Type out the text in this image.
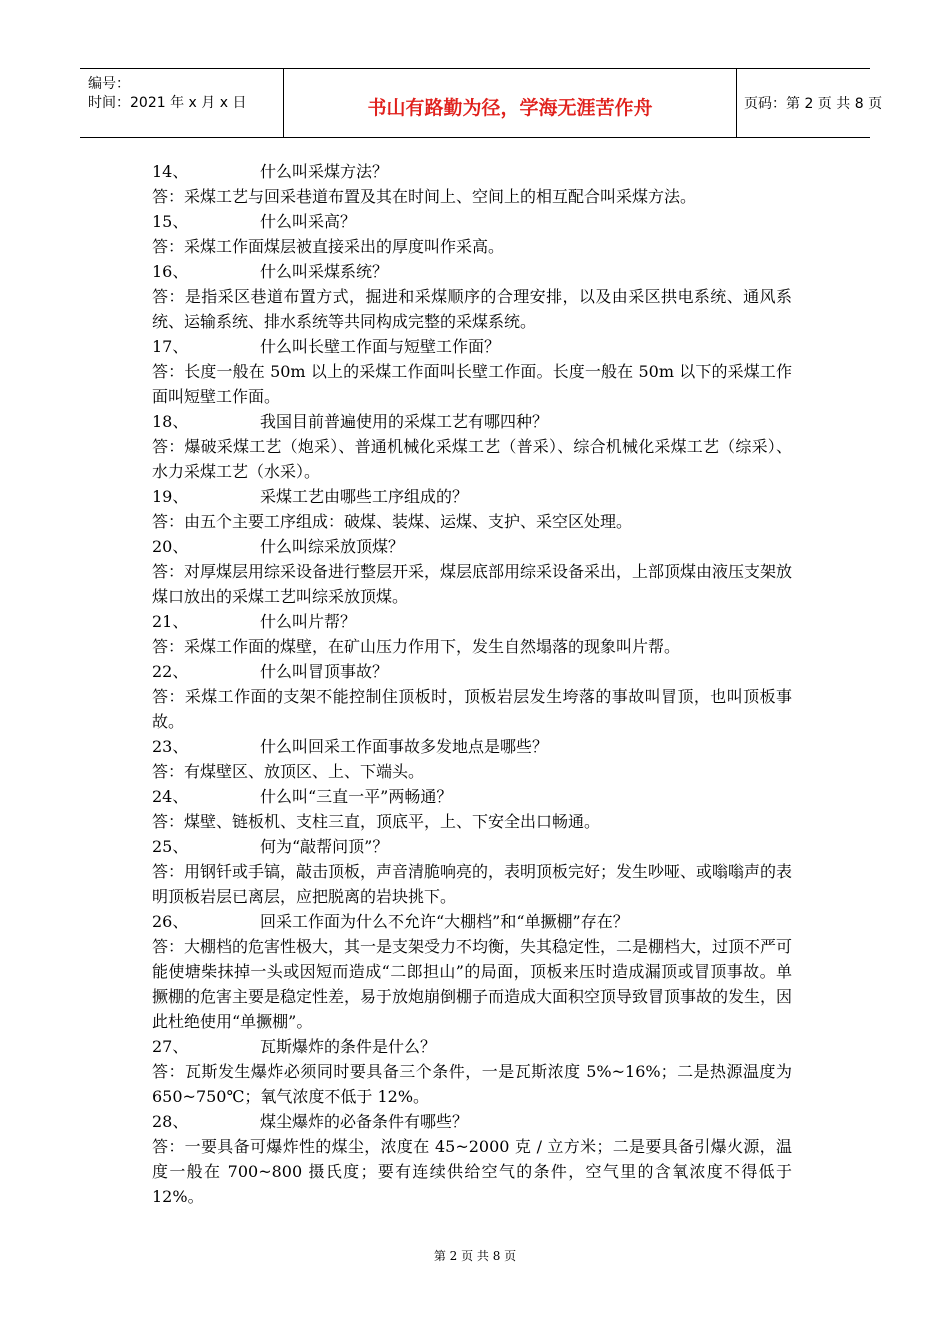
编号：
时间：2021 年 x 月 x 日	书山有路勤为径，学海无涯苦作舟	页码：第 2 页 共 8 页
14、	什么叫采煤方法？
答：采煤工艺与回采巷道布置及其在时间上、空间上的相互配合叫采煤方法。
15、	什么叫采高？
答：采煤工作面煤层被直接采出的厚度叫作采高。
16、	什么叫采煤系统？
答：是指采区巷道布置方式，掘进和采煤顺序的合理安排，以及由采区拱电系统、通风系统、运输系统、排水系统等共同构成完整的采煤系统。
17、	什么叫长壁工作面与短壁工作面？
答：长度一般在 50m 以上的采煤工作面叫长壁工作面。长度一般在 50m 以下的采煤工作面叫短壁工作面。
18、	我国目前普遍使用的采煤工艺有哪四种？
答：爆破采煤工艺（炮采）、普通机械化采煤工艺（普采）、综合机械化采煤工艺（综采）、水力采煤工艺（水采）。
19、	采煤工艺由哪些工序组成的？
答：由五个主要工序组成：破煤、装煤、运煤、支护、采空区处理。
20、	什么叫综采放顶煤？
答：对厚煤层用综采设备进行整层开采，煤层底部用综采设备采出，上部顶煤由液压支架放煤口放出的采煤工艺叫综采放顶煤。
21、	什么叫片帮？
答：采煤工作面的煤壁，在矿山压力作用下，发生自然塌落的现象叫片帮。
22、	什么叫冒顶事故？
答：采煤工作面的支架不能控制住顶板时，顶板岩层发生垮落的事故叫冒顶，也叫顶板事故。
23、	什么叫回采工作面事故多发地点是哪些？
答：有煤壁区、放顶区、上、下端头。
24、	什么叫“三直一平”两畅通？
答：煤壁、链板机、支柱三直，顶底平，上、下安全出口畅通。
25、	何为“敲帮问顶”？
答：用钢钎或手镐，敲击顶板，声音清脆响亮的，表明顶板完好；发生吵哑、或嗡嗡声的表明顶板岩层已离层，应把脱离的岩块挑下。
26、	回采工作面为什么不允许“大棚档”和“单撅棚”存在？
答：大棚档的危害性极大，其一是支架受力不均衡，失其稳定性，二是棚档大，过顶不严可能使塘柴抹掉一头或因短而造成“二郎担山”的局面，顶板来压时造成漏顶或冒顶事故。单撅棚的危害主要是稳定性差，易于放炮崩倒棚子而造成大面积空顶导致冒顶事故的发生，因此杜绝使用“单撅棚”。
27、	瓦斯爆炸的条件是什么？
答：瓦斯发生爆炸必须同时要具备三个条件，一是瓦斯浓度 5%~16%；二是热源温度为 650~750℃；氧气浓度不低于 12%。
28、	煤尘爆炸的必备条件有哪些？
答：一要具备可爆炸性的煤尘，浓度在 45~2000 克 / 立方米；二是要具备引爆火源，温度一般在 700~800 摄氏度；要有连续供给空气的条件，空气里的含氧浓度不得低于 12%。
第 2 页 共 8 页
